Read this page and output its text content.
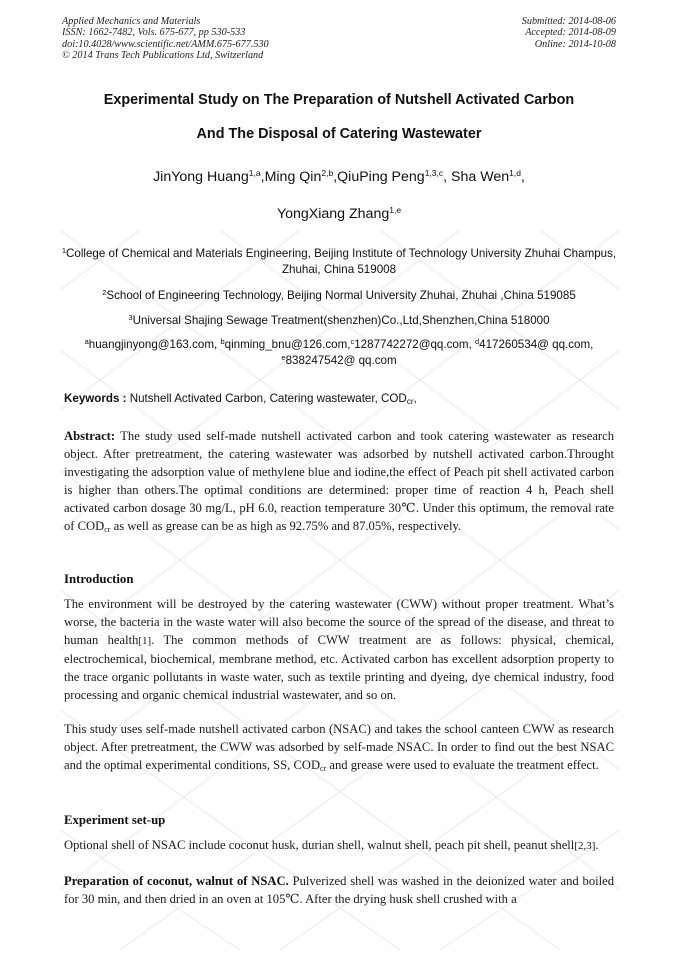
Applied Mechanics and Materials
ISSN: 1662-7482, Vols. 675-677, pp 530-533
doi:10.4028/www.scientific.net/AMM.675-677.530
© 2014 Trans Tech Publications Ltd, Switzerland
Submitted: 2014-08-06
Accepted: 2014-08-09
Online: 2014-10-08
Experimental Study on The Preparation of Nutshell Activated Carbon
And The Disposal of Catering Wastewater
JinYong Huang$^{1,a}$,Ming Qin$^{2,b}$,QiuPing Peng$^{1,3,c}$, Sha Wen$^{1,d}$,
YongXiang Zhang$^{1,e}$
$^1$College of Chemical and Materials Engineering, Beijing Institute of Technology University Zhuhai Champus, Zhuhai, China 519008
$^2$School of Engineering Technology, Beijing Normal University Zhuhai, Zhuhai ,China 519085
$^3$Universal Shajing Sewage Treatment(shenzhen)Co.,Ltd,Shenzhen,China 518000
$^a$huangjinyong@163.com, $^b$qinming_bnu@126.com,$^c$1287742272@qq.com, $^d$417260534@ qq.com,
$^e$838247542@ qq.com
Keywords : Nutshell Activated Carbon, Catering wastewater, $COD_{cr}$,
Abstract: The study used self-made nutshell activated carbon and took catering wastewater as research object. After pretreatment, the catering wastewater was adsorbed by nutshell activated carbon.Throught investigating the adsorption value of methylene blue and iodine,the effect of Peach pit shell activated carbon is higher than others.The optimal conditions are determined: proper time of reaction 4 h, Peach shell activated carbon dosage 30 mg/L, pH 6.0, reaction temperature 30℃. Under this optimum, the removal rate of $COD_{cr}$ as well as grease can be as high as 92.75% and 87.05%, respectively.
Introduction
The environment will be destroyed by the catering wastewater (CWW) without proper treatment. What’s worse, the bacteria in the waste water will also become the source of the spread of the disease, and threat to human health[1]. The common methods of CWW treatment are as follows: physical, chemical, electrochemical, biochemical, membrane method, etc. Activated carbon has excellent adsorption property to the trace organic pollutants in waste water, such as textile printing and dyeing, dye chemical industry, food processing and organic chemical industrial wastewater, and so on.
This study uses self-made nutshell activated carbon (NSAC) and takes the school canteen CWW as research object. After pretreatment, the CWW was adsorbed by self-made NSAC. In order to find out the best NSAC and the optimal experimental conditions, SS, $COD_{cr}$ and grease were used to evaluate the treatment effect.
Experiment set-up
Optional shell of NSAC include coconut husk, durian shell, walnut shell, peach pit shell, peanut shell[2,3].
Preparation of coconut, walnut of NSAC. Pulverized shell was washed in the deionized water and boiled for 30 min, and then dried in an oven at 105℃. After the drying husk shell crushed with a
